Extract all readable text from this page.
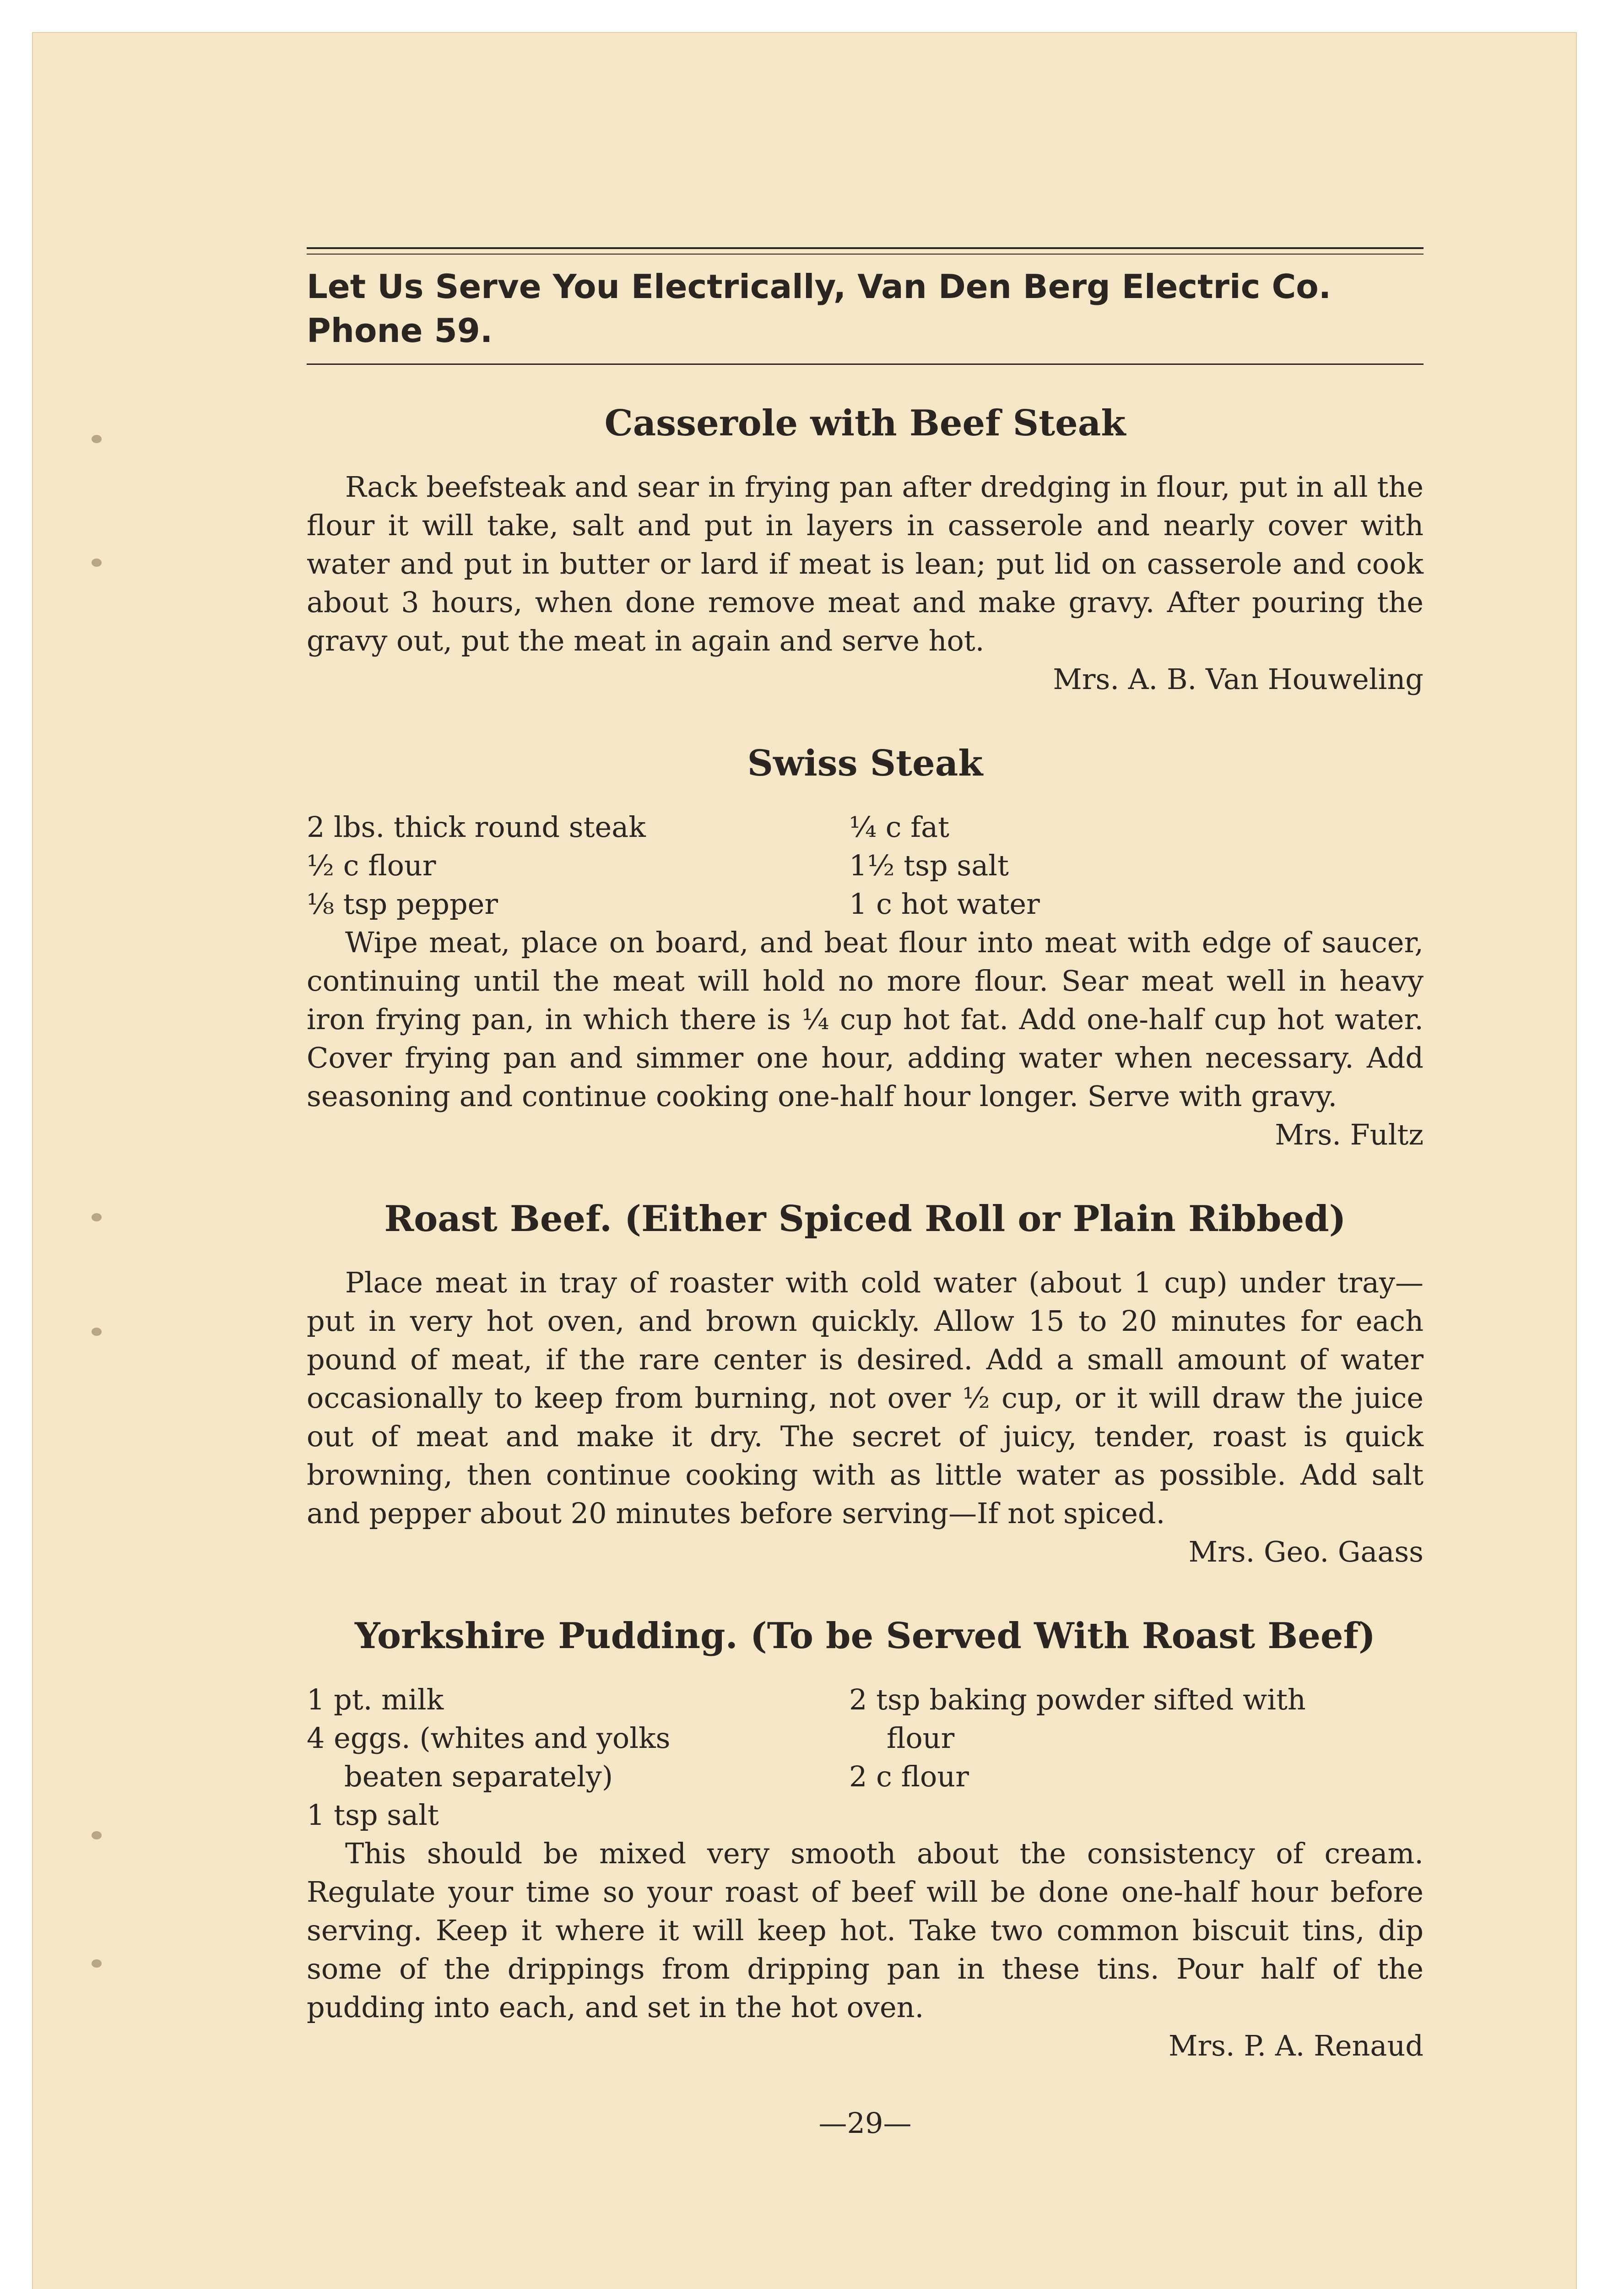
Let Us Serve You Electrically, Van Den Berg Electric Co.
Phone 59.
Casserole with Beef Steak

Rack beefsteak and sear in frying pan after dredging in flour, put in all the flour it will take, salt and put in layers in casserole and nearly cover with water and put in butter or lard if meat is lean; put lid on casserole and cook about 3 hours, when done remove meat and make gravy. After pouring the gravy out, put the meat in again and serve hot.

Mrs. A. B. Van Houweling
Swiss Steak
2 lbs. thick round steak	¼ c fat
½ c flour	1½ tsp salt
⅛ tsp pepper	1 c hot water

Wipe meat, place on board, and beat flour into meat with edge of saucer, continuing until the meat will hold no more flour. Sear meat well in heavy iron frying pan, in which there is ¼ cup hot fat. Add one-half cup hot water. Cover frying pan and simmer one hour, adding water when necessary. Add seasoning and continue cooking one-half hour longer. Serve with gravy.

Mrs. Fultz
Roast Beef. (Either Spiced Roll or Plain Ribbed)

Place meat in tray of roaster with cold water (about 1 cup) under tray—put in very hot oven, and brown quickly. Allow 15 to 20 minutes for each pound of meat, if the rare center is desired. Add a small amount of water occasionally to keep from burning, not over ½ cup, or it will draw the juice out of meat and make it dry. The secret of juicy, tender, roast is quick browning, then continue cooking with as little water as possible. Add salt and pepper about 20 minutes before serving—If not spiced.

Mrs. Geo. Gaass
Yorkshire Pudding. (To be Served With Roast Beef)
1 pt. milk	2 tsp baking powder sifted with
4 eggs. (whites and yolks	flour
beaten separately)	2 c flour
1 tsp salt

This should be mixed very smooth about the consistency of cream. Regulate your time so your roast of beef will be done one-half hour before serving. Keep it where it will keep hot. Take two common biscuit tins, dip some of the drippings from dripping pan in these tins. Pour half of the pudding into each, and set in the hot oven.

Mrs. P. A. Renaud
—29—
